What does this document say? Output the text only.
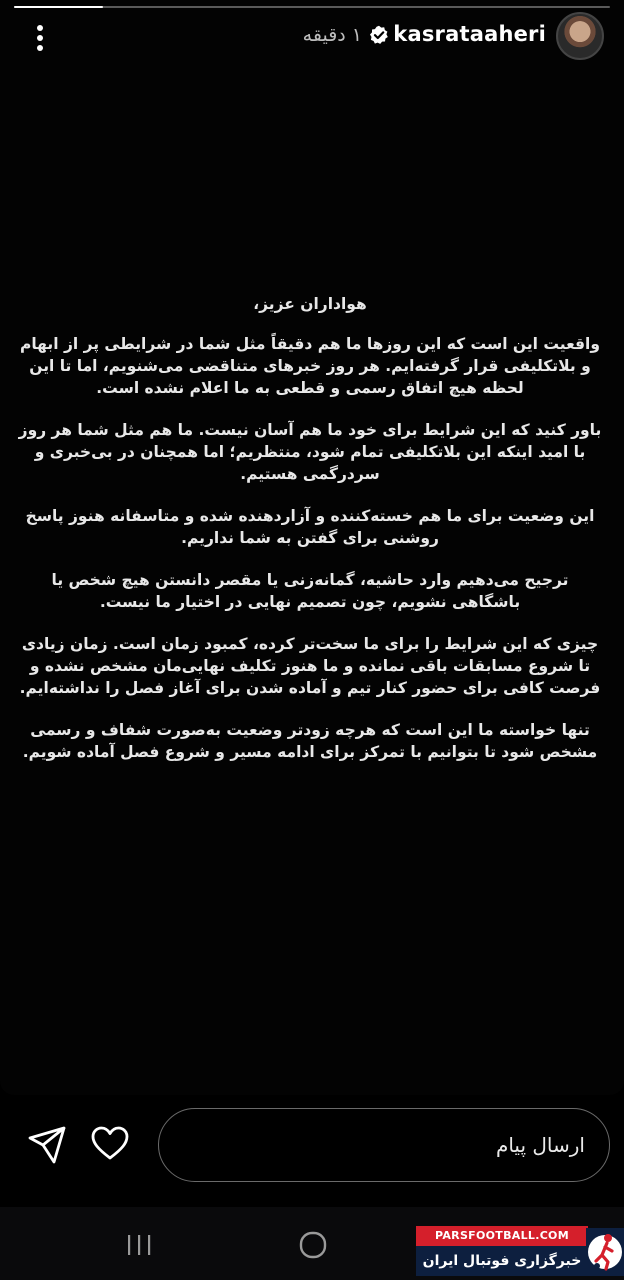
kasrataaheri
۱ دقیقه

هواداران عزیز،

واقعیت این است که این روزها ما هم دقیقاً مثل شما در شرایطی پر از ابهام و بلاتکلیفی قرار گرفته‌ایم. هر روز خبرهای متناقضی می‌شنویم، اما تا این لحظه هیچ اتفاق رسمی و قطعی به ما اعلام نشده است.

باور کنید که این شرایط برای خود ما هم آسان نیست. ما هم مثل شما هر روز با امید اینکه این بلاتکلیفی تمام شود، منتظریم؛ اما همچنان در بی‌خبری و سردرگمی هستیم.

این وضعیت برای ما هم خسته‌کننده و آزاردهنده شده و متاسفانه هنوز پاسخ روشنی برای گفتن به شما نداریم.

ترجیح می‌دهیم وارد حاشیه، گمانه‌زنی یا مقصر دانستن هیچ شخص یا باشگاهی نشویم، چون تصمیم نهایی در اختیار ما نیست.

چیزی که این شرایط را برای ما سخت‌تر کرده، کمبود زمان است. زمان زیادی تا شروع مسابقات باقی نمانده و ما هنوز تکلیف نهایی‌مان مشخص نشده و فرصت کافی برای حضور کنار تیم و آماده شدن برای آغاز فصل را نداشته‌ایم.

تنها خواسته ما این است که هرچه زودتر وضعیت به‌صورت شفاف و رسمی مشخص شود تا بتوانیم با تمرکز برای ادامه مسیر و شروع فصل آماده شویم.

ارسال پیام
PARSFOOTBALL.COM
خبرگزاری فوتبال ایران
